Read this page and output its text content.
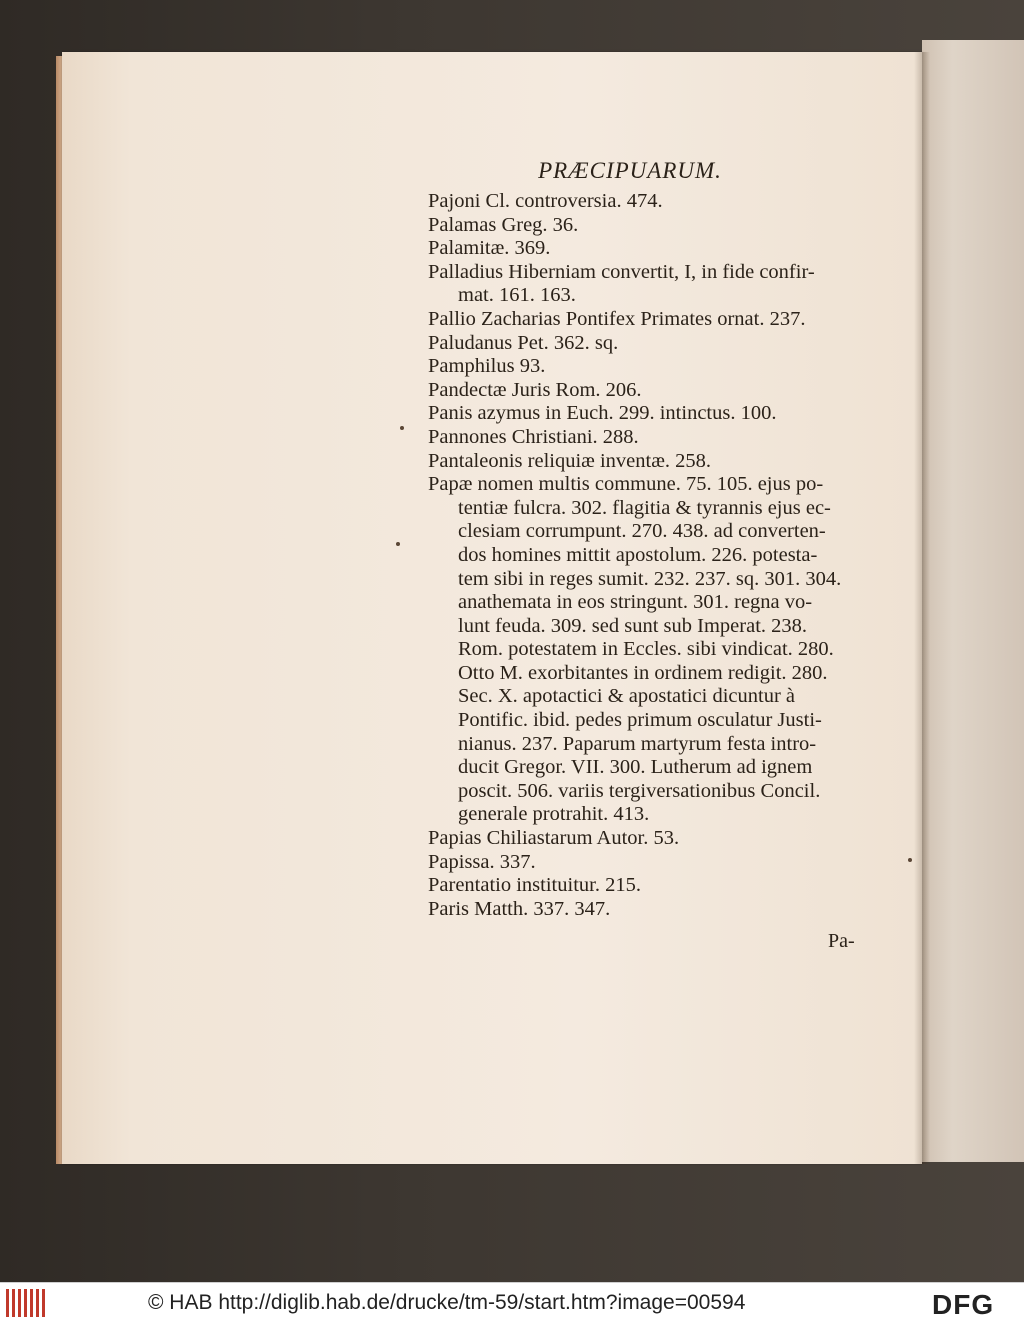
PRÆCIPUARUM.
Pajoni Cl. controversia. 474.
Palamas Greg. 36.
Palamitæ. 369.
Palladius Hiberniam convertit, I, in fide confir-
mat. 161. 163.
Pallio Zacharias Pontifex Primates ornat. 237.
Paludanus Pet. 362. sq.
Pamphilus 93.
Pandectæ Juris Rom. 206.
Panis azymus in Euch. 299. intinctus. 100.
Pannones Christiani. 288.
Pantaleonis reliquiæ inventæ. 258.
Papæ nomen multis commune. 75. 105. ejus po-
tentiæ fulcra. 302. flagitia & tyrannis ejus ec-
clesiam corrumpunt. 270. 438. ad converten-
dos homines mittit apostolum. 226. potesta-
tem sibi in reges sumit. 232. 237. sq. 301. 304.
anathemata in eos stringunt. 301. regna vo-
lunt feuda. 309. sed sunt sub Imperat. 238.
Rom. potestatem in Eccles. sibi vindicat. 280.
Otto M. exorbitantes in ordinem redigit. 280.
Sec. X. apotactici & apostatici dicuntur à
Pontific. ibid. pedes primum osculatur Justi-
nianus. 237. Paparum martyrum festa intro-
ducit Gregor. VII. 300. Lutherum ad ignem
poscit. 506. variis tergiversationibus Concil.
generale protrahit. 413.
Papias Chiliastarum Autor. 53.
Papissa. 337.
Parentatio instituitur. 215.
Paris Matth. 337. 347.
Pa-
© HAB http://diglib.hab.de/drucke/tm-59/start.htm?image=00594	DFG
